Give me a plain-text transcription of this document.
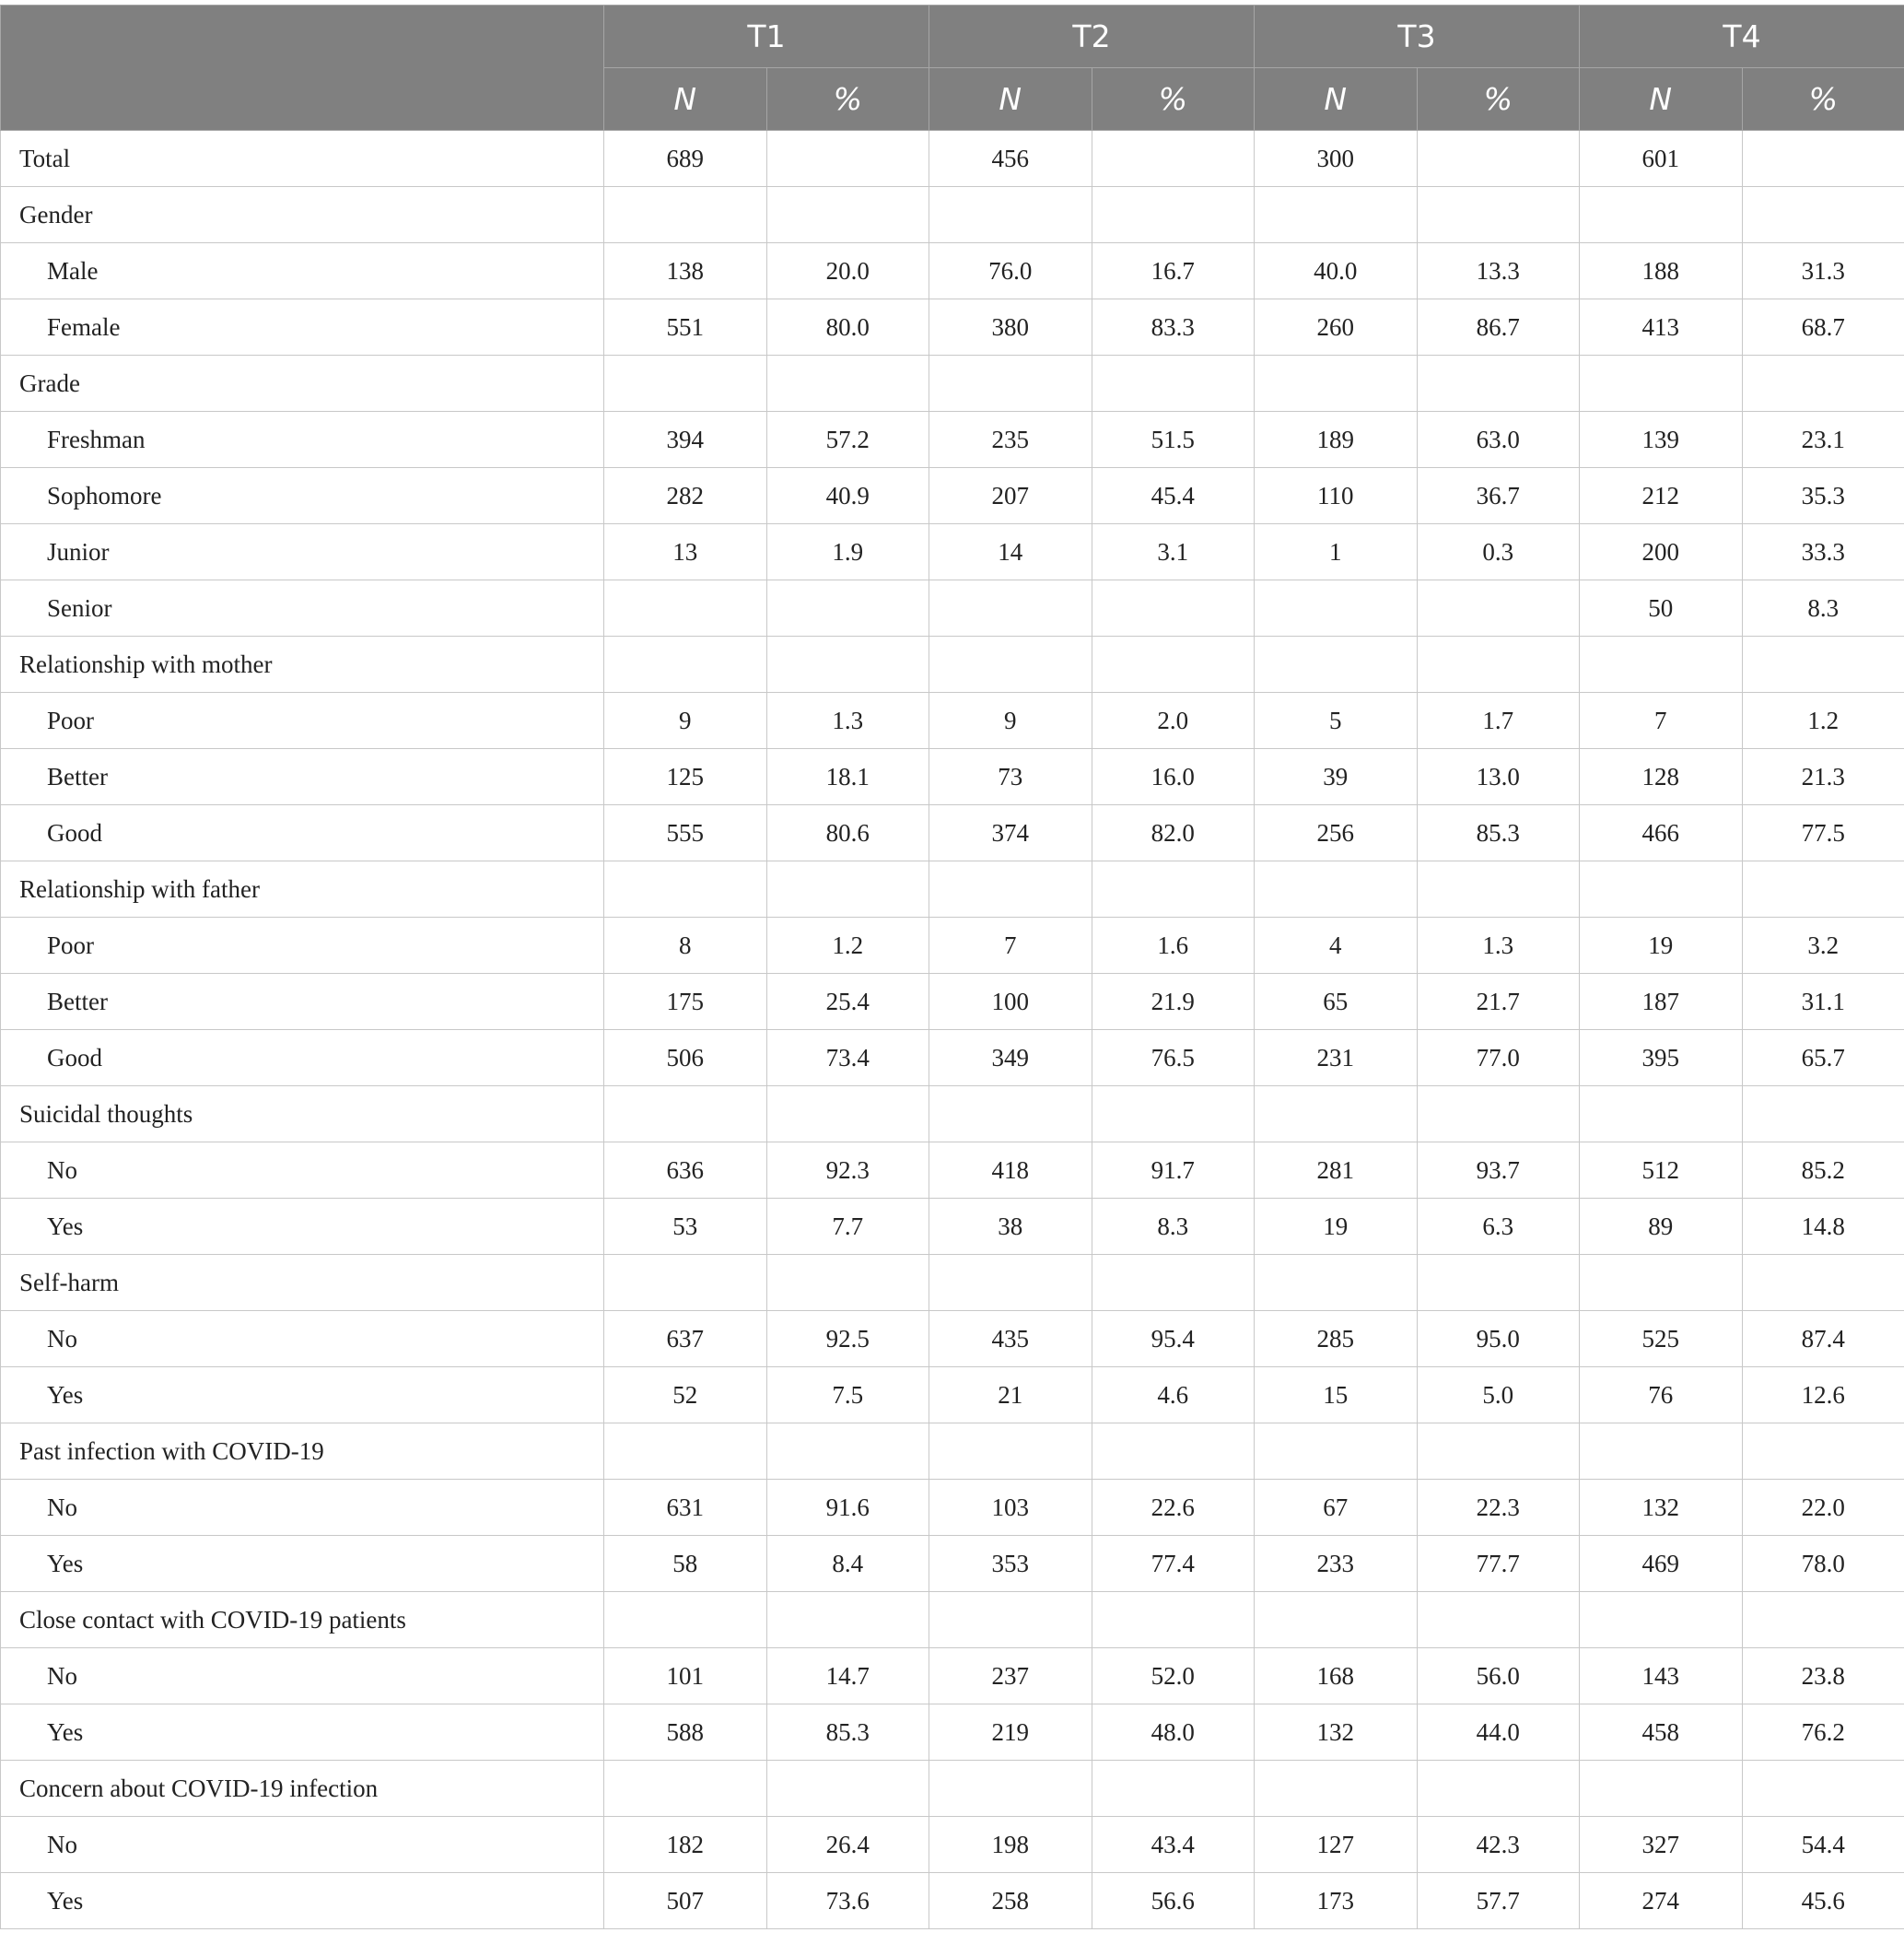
	T1		T2		T3		T4	
	N	%	N	%	N	%	N	%
Total	689		456		300		601	
Gender								
Male	138	20.0	76.0	16.7	40.0	13.3	188	31.3
Female	551	80.0	380	83.3	260	86.7	413	68.7
Grade								
Freshman	394	57.2	235	51.5	189	63.0	139	23.1
Sophomore	282	40.9	207	45.4	110	36.7	212	35.3
Junior	13	1.9	14	3.1	1	0.3	200	33.3
Senior							50	8.3
Relationship with mother								
Poor	9	1.3	9	2.0	5	1.7	7	1.2
Better	125	18.1	73	16.0	39	13.0	128	21.3
Good	555	80.6	374	82.0	256	85.3	466	77.5
Relationship with father								
Poor	8	1.2	7	1.6	4	1.3	19	3.2
Better	175	25.4	100	21.9	65	21.7	187	31.1
Good	506	73.4	349	76.5	231	77.0	395	65.7
Suicidal thoughts								
No	636	92.3	418	91.7	281	93.7	512	85.2
Yes	53	7.7	38	8.3	19	6.3	89	14.8
Self-harm								
No	637	92.5	435	95.4	285	95.0	525	87.4
Yes	52	7.5	21	4.6	15	5.0	76	12.6
Past infection with COVID-19								
No	631	91.6	103	22.6	67	22.3	132	22.0
Yes	58	8.4	353	77.4	233	77.7	469	78.0
Close contact with COVID-19 patients								
No	101	14.7	237	52.0	168	56.0	143	23.8
Yes	588	85.3	219	48.0	132	44.0	458	76.2
Concern about COVID-19 infection								
No	182	26.4	198	43.4	127	42.3	327	54.4
Yes	507	73.6	258	56.6	173	57.7	274	45.6
